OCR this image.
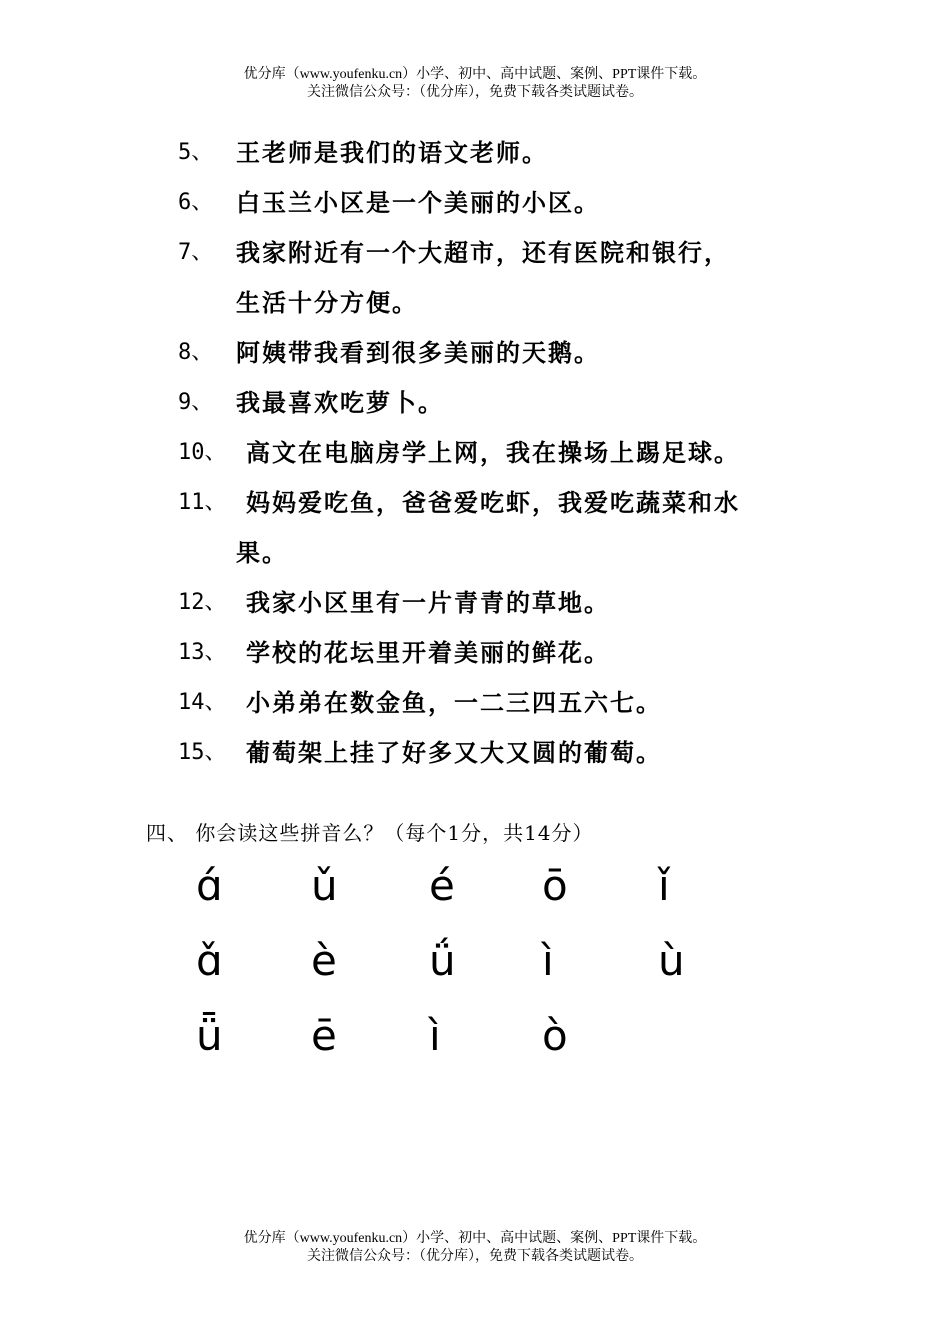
优分库（www.youfenku.cn）小学、初中、高中试题、案例、PPT课件下载。
关注微信公众号：（优分库），免费下载各类试题试卷。
5、 王老师是我们的语文老师。
6、 白玉兰小区是一个美丽的小区。
7、 我家附近有一个大超市，还有医院和银行，
生活十分方便。
8、 阿姨带我看到很多美丽的天鹅。
9、 我最喜欢吃萝卜。
10、 高文在电脑房学上网，我在操场上踢足球。
11、 妈妈爱吃鱼，爸爸爱吃虾，我爱吃蔬菜和水
果。
12、 我家小区里有一片青青的草地。
13、 学校的花坛里开着美丽的鲜花。
14、 小弟弟在数金鱼，一二三四五六七。
15、 葡萄架上挂了好多又大又圆的葡萄。
四、 你会读这些拼音么？（每个1分，共14分）
ɑ́	ǔ	é	ō	ǐ
ɑ̌	è	ǘ	ì	ù
ǖ	ē	ì	ò
优分库（www.youfenku.cn）小学、初中、高中试题、案例、PPT课件下载。
关注微信公众号：（优分库），免费下载各类试题试卷。
